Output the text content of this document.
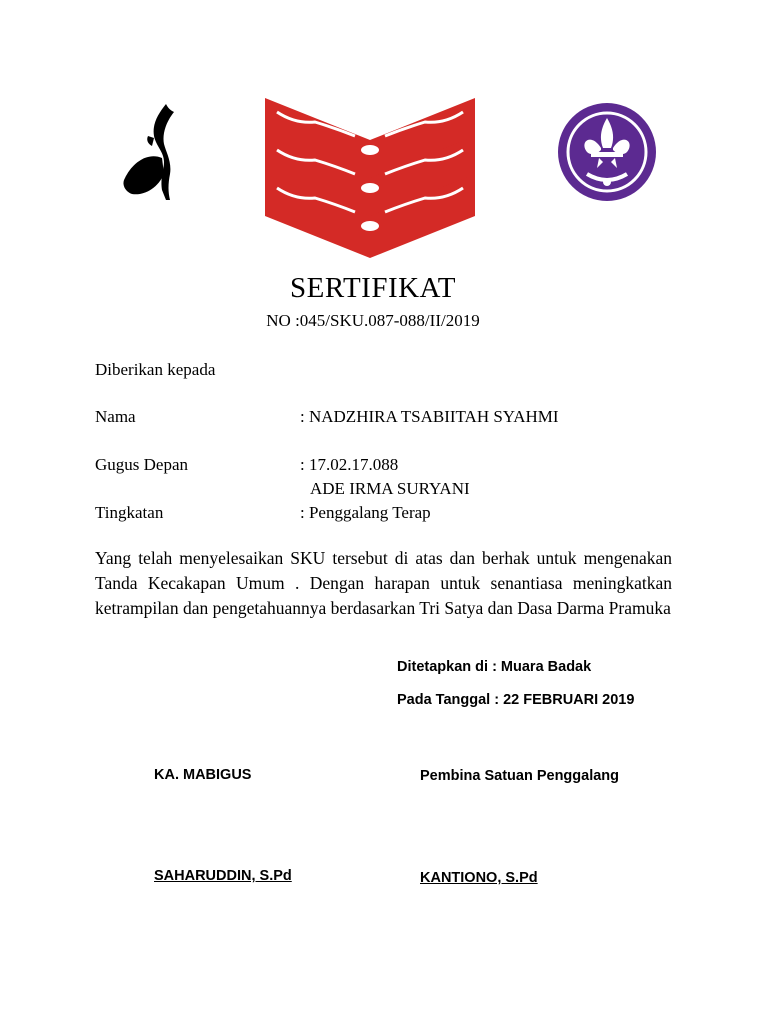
SERTIFIKAT
NO :045/SKU.087-088/II/2019
Diberikan kepada
Nama	: NADZHIRA TSABIITAH SYAHMI
Gugus Depan	: 17.02.17.088
ADE IRMA SURYANI
Tingkatan	: Penggalang Terap
Yang telah menyelesaikan SKU tersebut di atas dan berhak untuk mengenakan Tanda Kecakapan Umum . Dengan harapan untuk senantiasa meningkatkan ketrampilan dan pengetahuannya berdasarkan Tri Satya dan Dasa Darma Pramuka
Ditetapkan di : Muara Badak
Pada Tanggal : 22 FEBRUARI 2019
KA. MABIGUS	Pembina Satuan Penggalang
SAHARUDDIN, S.Pd	KANTIONO, S.Pd
